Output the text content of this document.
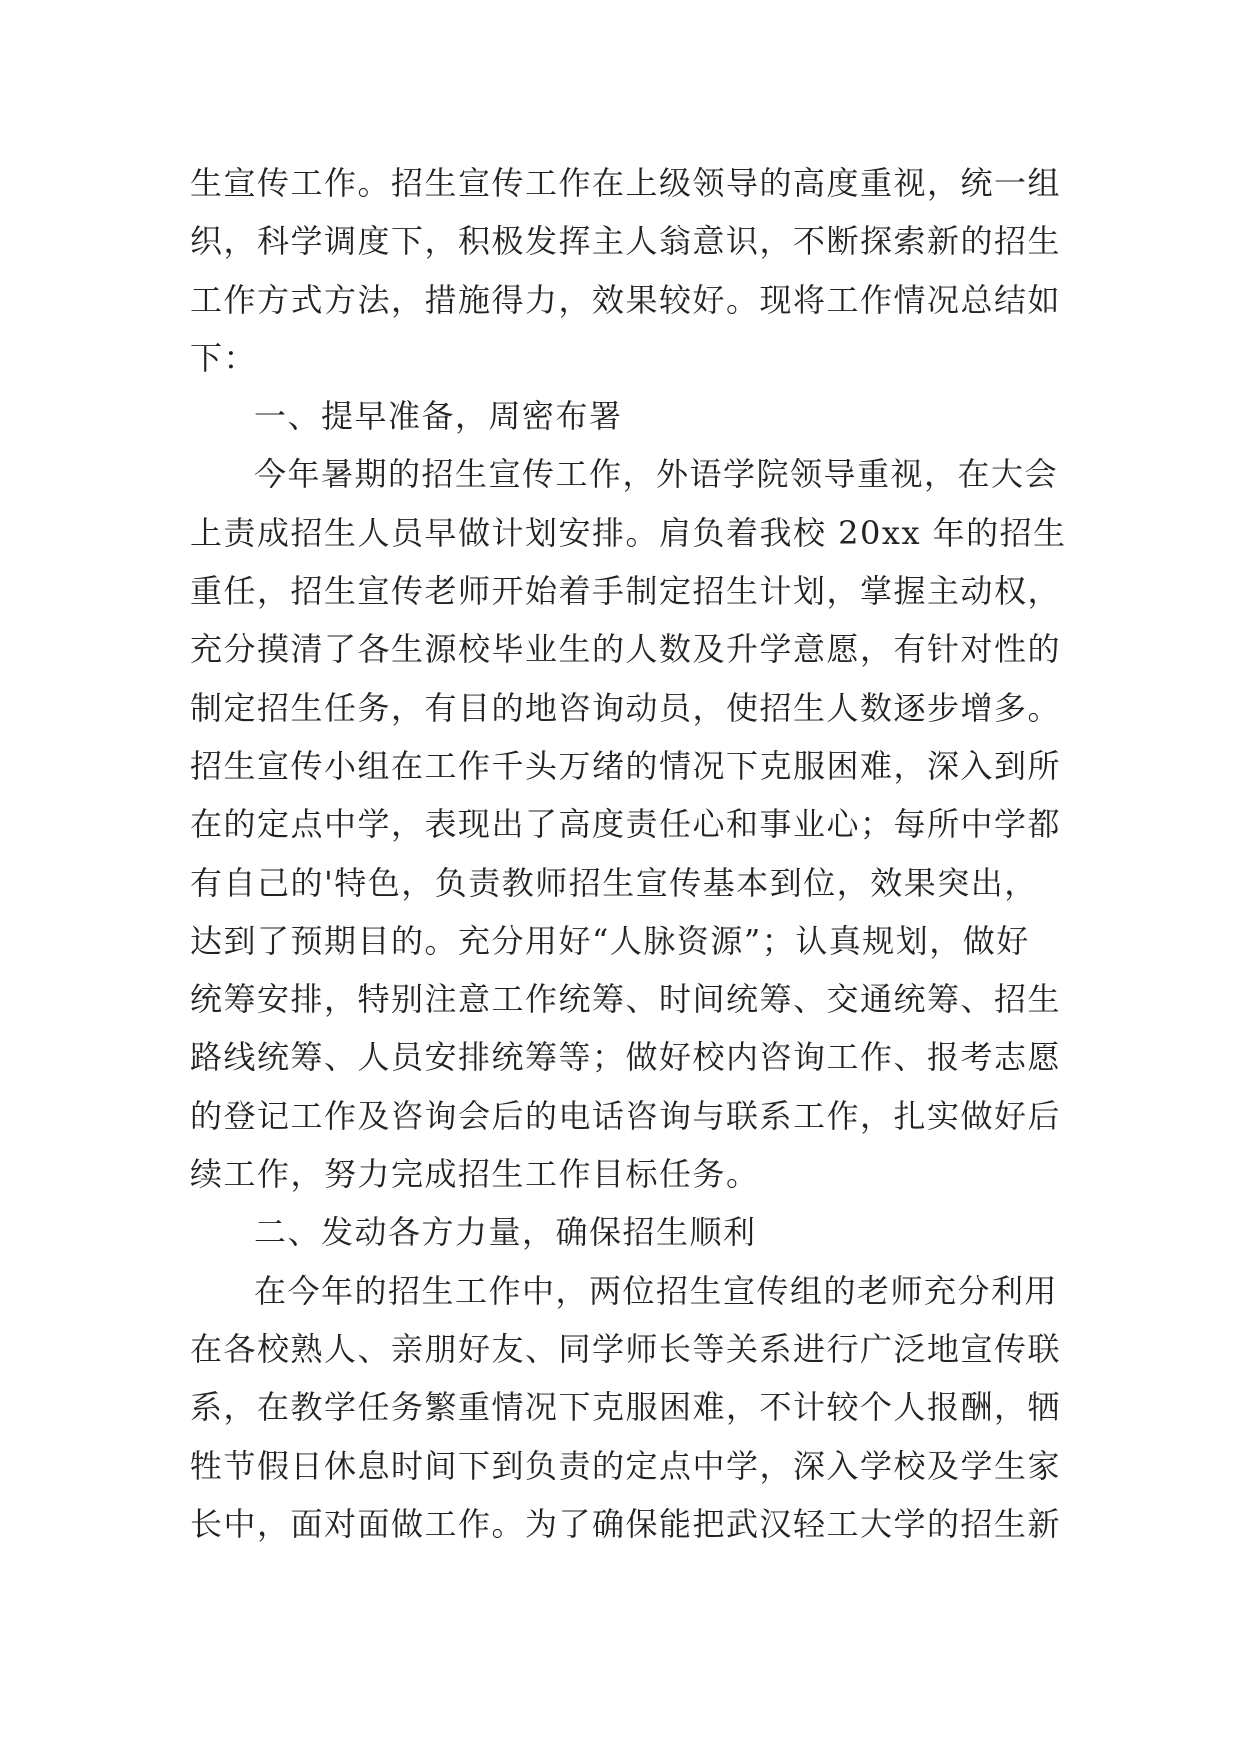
生宣传工作。招生宣传工作在上级领导的高度重视，统一组
织，科学调度下，积极发挥主人翁意识，不断探索新的招生
工作方式方法，措施得力，效果较好。现将工作情况总结如
下：
一、提早准备，周密布署
今年暑期的招生宣传工作，外语学院领导重视，在大会
上责成招生人员早做计划安排。肩负着我校 20xx 年的招生
重任，招生宣传老师开始着手制定招生计划，掌握主动权，
充分摸清了各生源校毕业生的人数及升学意愿，有针对性的
制定招生任务，有目的地咨询动员，使招生人数逐步增多。
招生宣传小组在工作千头万绪的情况下克服困难，深入到所
在的定点中学，表现出了高度责任心和事业心；每所中学都
有自己的'特色，负责教师招生宣传基本到位，效果突出，
达到了预期目的。充分用好“人脉资源”；认真规划，做好
统筹安排，特别注意工作统筹、时间统筹、交通统筹、招生
路线统筹、人员安排统筹等；做好校内咨询工作、报考志愿
的登记工作及咨询会后的电话咨询与联系工作，扎实做好后
续工作，努力完成招生工作目标任务。
二、发动各方力量，确保招生顺利
在今年的招生工作中，两位招生宣传组的老师充分利用
在各校熟人、亲朋好友、同学师长等关系进行广泛地宣传联
系，在教学任务繁重情况下克服困难，不计较个人报酬，牺
牲节假日休息时间下到负责的定点中学，深入学校及学生家
长中，面对面做工作。为了确保能把武汉轻工大学的招生新
